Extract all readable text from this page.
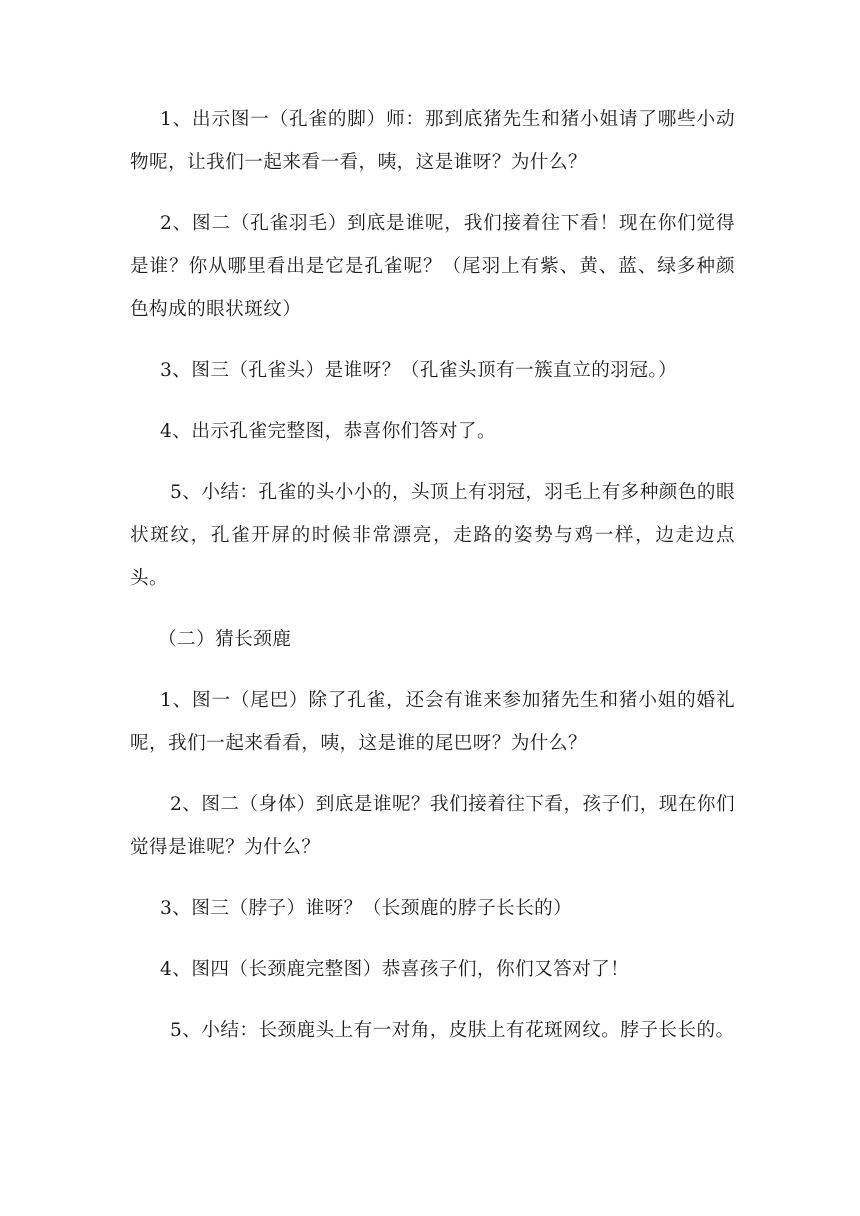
1、出示图一（孔雀的脚）师：那到底猪先生和猪小姐请了哪些小动物呢，让我们一起来看一看，咦，这是谁呀？为什么？

2、图二（孔雀羽毛）到底是谁呢，我们接着往下看！现在你们觉得是谁？你从哪里看出是它是孔雀呢？（尾羽上有紫、黄、蓝、绿多种颜色构成的眼状斑纹）

3、图三（孔雀头）是谁呀？（孔雀头顶有一簇直立的羽冠。）

4、出示孔雀完整图，恭喜你们答对了。

5、小结：孔雀的头小小的，头顶上有羽冠，羽毛上有多种颜色的眼状斑纹，孔雀开屏的时候非常漂亮，走路的姿势与鸡一样，边走边点头。

（二）猜长颈鹿

1、图一（尾巴）除了孔雀，还会有谁来参加猪先生和猪小姐的婚礼呢，我们一起来看看，咦，这是谁的尾巴呀？为什么？

2、图二（身体）到底是谁呢？我们接着往下看，孩子们，现在你们觉得是谁呢？为什么？

3、图三（脖子）谁呀？（长颈鹿的脖子长长的）

4、图四（长颈鹿完整图）恭喜孩子们，你们又答对了！

5、小结：长颈鹿头上有一对角，皮肤上有花斑网纹。脖子长长的。
